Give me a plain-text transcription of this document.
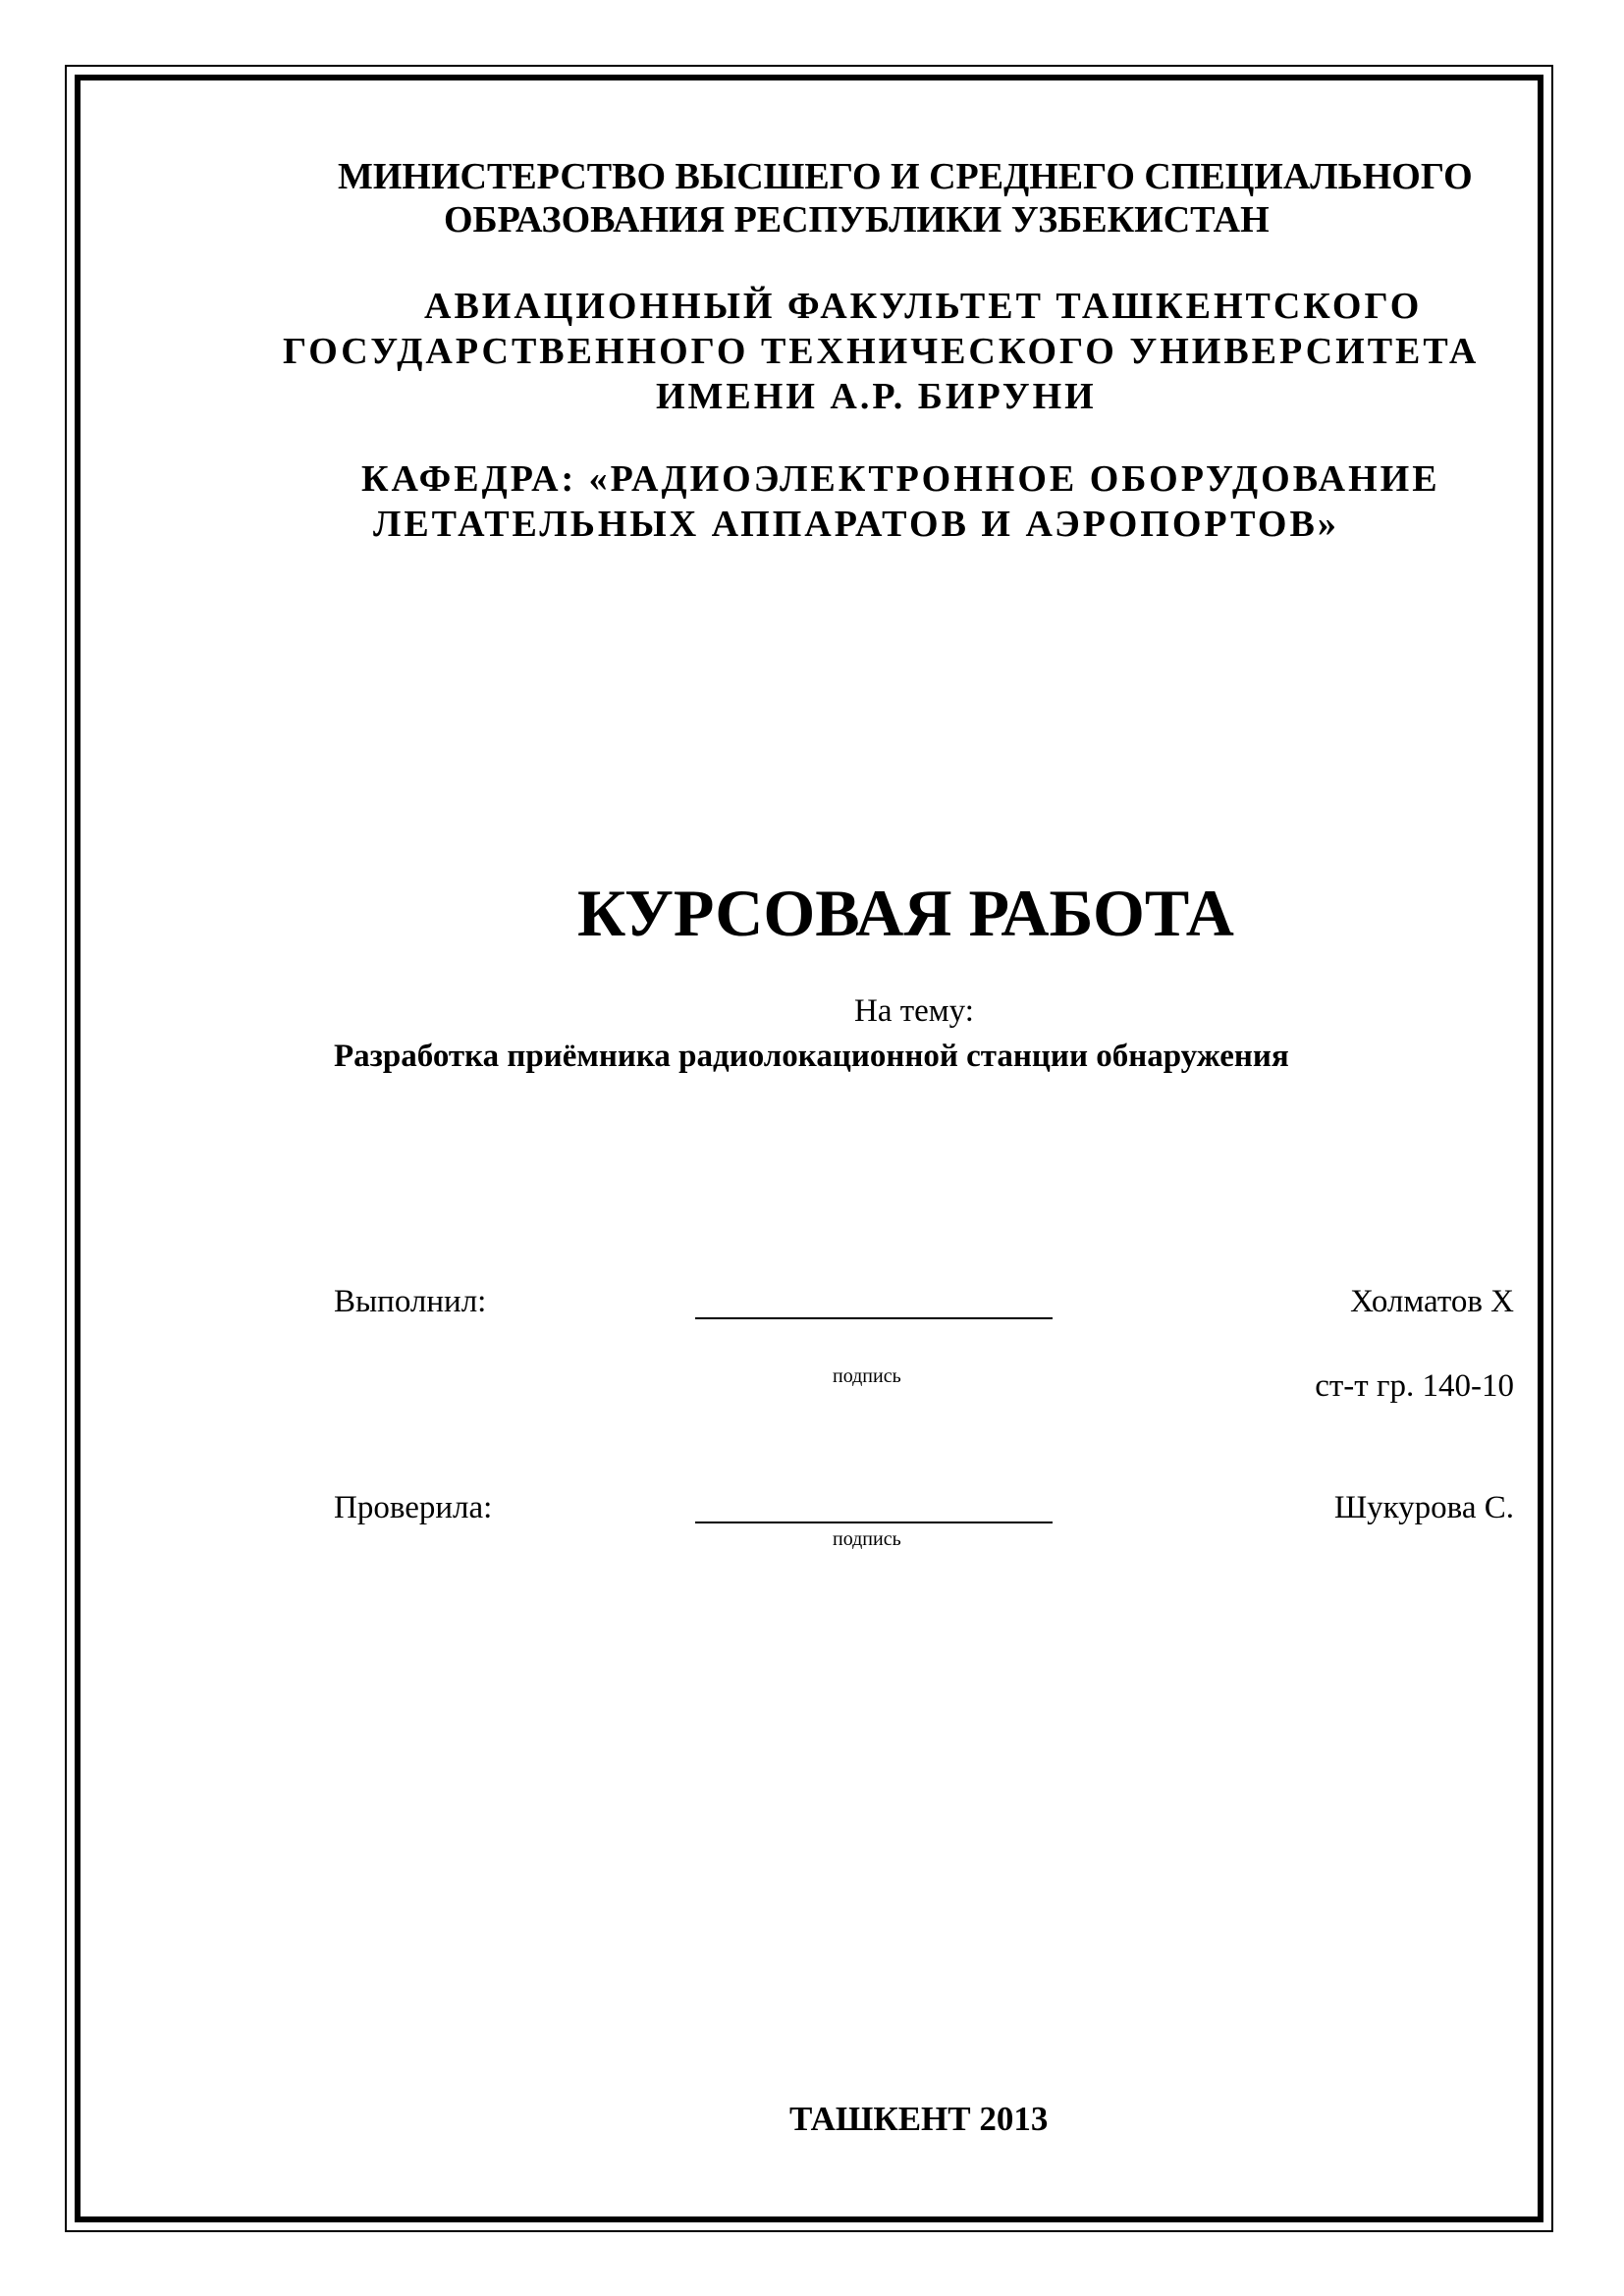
МИНИСТЕРСТВО ВЫСШЕГО И СРЕДНЕГО СПЕЦИАЛЬНОГО
ОБРАЗОВАНИЯ РЕСПУБЛИКИ УЗБЕКИСТАН
АВИАЦИОННЫЙ ФАКУЛЬТЕТ ТАШКЕНТСКОГО
ГОСУДАРСТВЕННОГО ТЕХНИЧЕСКОГО УНИВЕРСИТЕТА
ИМЕНИ А.Р. БИРУНИ
КАФЕДРА: «РАДИОЭЛЕКТРОННОЕ ОБОРУДОВАНИЕ
ЛЕТАТЕЛЬНЫХ АППАРАТОВ И АЭРОПОРТОВ»
КУРСОВАЯ РАБОТА
На тему:
Разработка приёмника радиолокационной станции обнаружения
Выполнил:
подпись
Холматов Х
ст-т гр. 140-10
Проверила:
подпись
Шукурова С.
ТАШКЕНТ 2013
